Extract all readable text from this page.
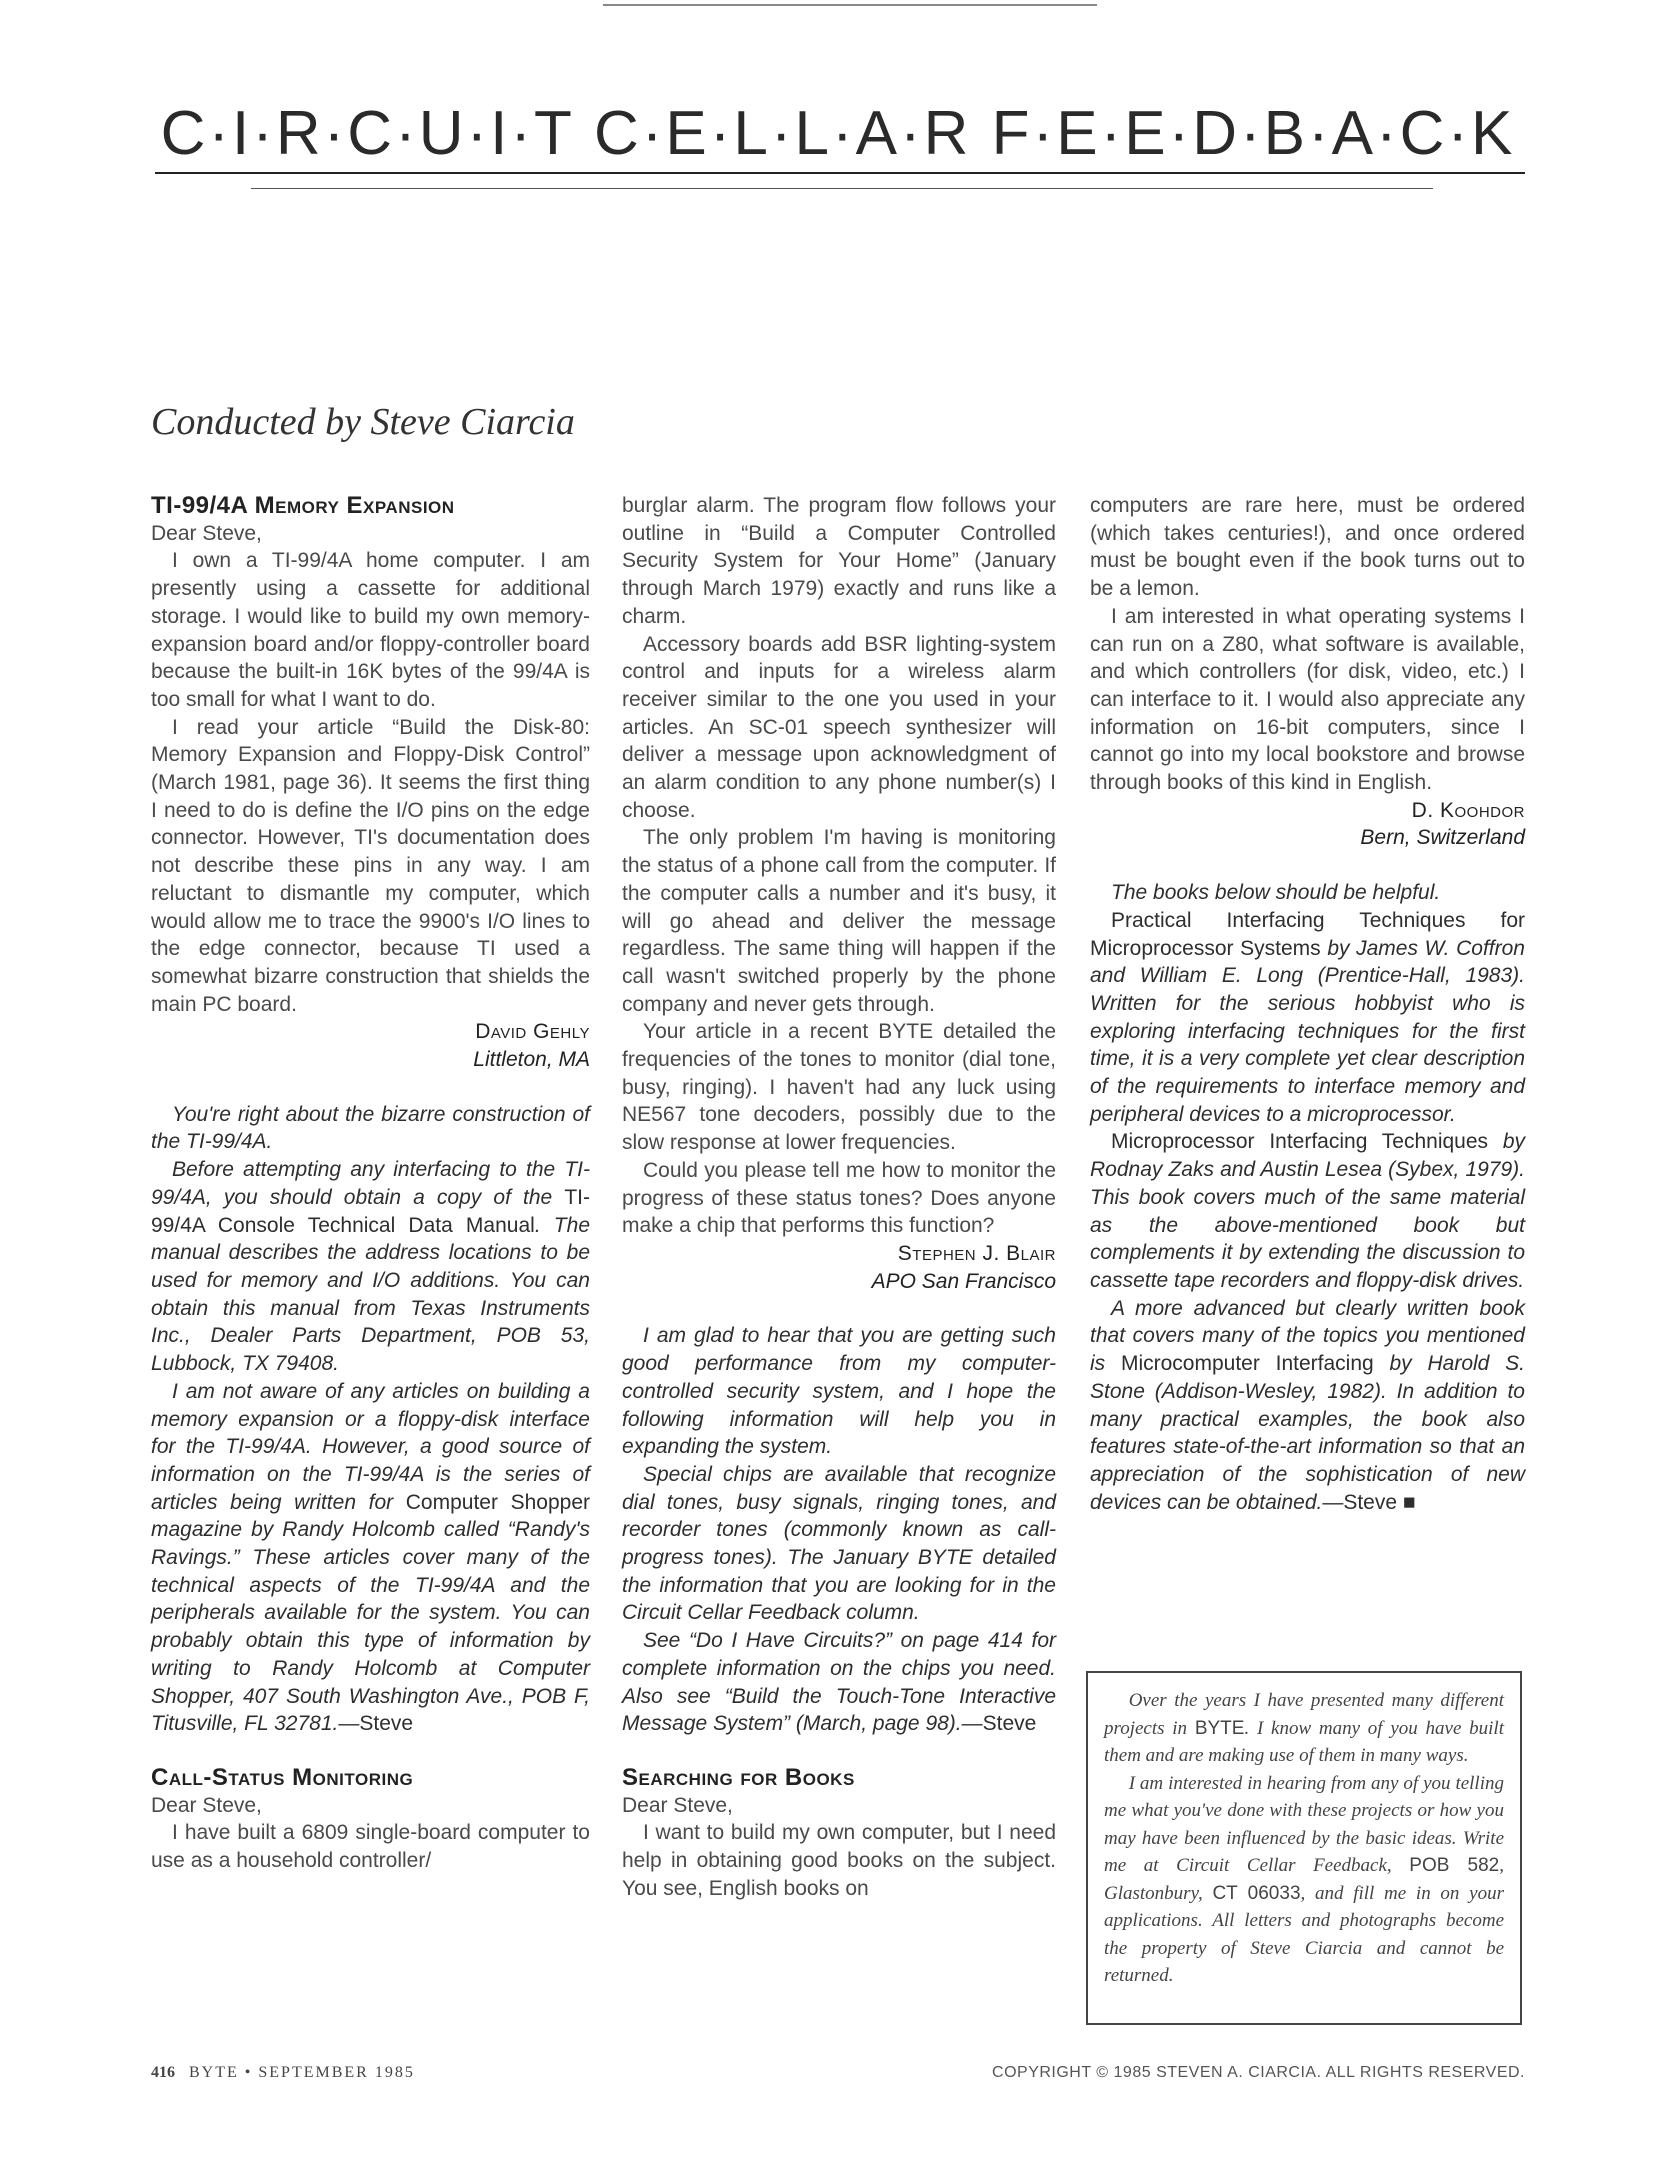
C·I·R·C·U·I·T C·E·L·L·A·R F·E·E·D·B·A·C·K
Conducted by Steve Ciarcia
TI-99/4A Memory Expansion
Dear Steve,
I own a TI-99/4A home computer. I am presently using a cassette for additional storage. I would like to build my own memory-expansion board and/or floppy-controller board because the built-in 16K bytes of the 99/4A is too small for what I want to do.
I read your article “Build the Disk-80: Memory Expansion and Floppy-Disk Control” (March 1981, page 36). It seems the first thing I need to do is define the I/O pins on the edge connector. However, TI's documentation does not describe these pins in any way. I am reluctant to dismantle my computer, which would allow me to trace the 9900's I/O lines to the edge connector, because TI used a somewhat bizarre construction that shields the main PC board.
David Gehly
Littleton, MA
You're right about the bizarre construction of the TI-99/4A.
Before attempting any interfacing to the TI-99/4A, you should obtain a copy of the TI-99/4A Console Technical Data Manual. The manual describes the address locations to be used for memory and I/O additions. You can obtain this manual from Texas Instruments Inc., Dealer Parts Department, POB 53, Lubbock, TX 79408.
I am not aware of any articles on building a memory expansion or a floppy-disk interface for the TI-99/4A. However, a good source of information on the TI-99/4A is the series of articles being written for Computer Shopper magazine by Randy Holcomb called “Randy's Ravings.” These articles cover many of the technical aspects of the TI-99/4A and the peripherals available for the system. You can probably obtain this type of information by writing to Randy Holcomb at Computer Shopper, 407 South Washington Ave., POB F, Titusville, FL 32781.—Steve
Call-Status Monitoring
Dear Steve,
I have built a 6809 single-board computer to use as a household controller/
burglar alarm. The program flow follows your outline in “Build a Computer Controlled Security System for Your Home” (January through March 1979) exactly and runs like a charm.
Accessory boards add BSR lighting-system control and inputs for a wireless alarm receiver similar to the one you used in your articles. An SC-01 speech synthesizer will deliver a message upon acknowledgment of an alarm condition to any phone number(s) I choose.
The only problem I'm having is monitoring the status of a phone call from the computer. If the computer calls a number and it's busy, it will go ahead and deliver the message regardless. The same thing will happen if the call wasn't switched properly by the phone company and never gets through.
Your article in a recent BYTE detailed the frequencies of the tones to monitor (dial tone, busy, ringing). I haven't had any luck using NE567 tone decoders, possibly due to the slow response at lower frequencies.
Could you please tell me how to monitor the progress of these status tones? Does anyone make a chip that performs this function?
Stephen J. Blair
APO San Francisco
I am glad to hear that you are getting such good performance from my computer-controlled security system, and I hope the following information will help you in expanding the system.
Special chips are available that recognize dial tones, busy signals, ringing tones, and recorder tones (commonly known as call-progress tones). The January BYTE detailed the information that you are looking for in the Circuit Cellar Feedback column.
See “Do I Have Circuits?” on page 414 for complete information on the chips you need. Also see “Build the Touch-Tone Interactive Message System” (March, page 98).—Steve
Searching for Books
Dear Steve,
I want to build my own computer, but I need help in obtaining good books on the subject. You see, English books on
computers are rare here, must be ordered (which takes centuries!), and once ordered must be bought even if the book turns out to be a lemon.
I am interested in what operating systems I can run on a Z80, what software is available, and which controllers (for disk, video, etc.) I can interface to it. I would also appreciate any information on 16-bit computers, since I cannot go into my local bookstore and browse through books of this kind in English.
D. Koohdor
Bern, Switzerland
The books below should be helpful.
Practical Interfacing Techniques for Microprocessor Systems by James W. Coffron and William E. Long (Prentice-Hall, 1983). Written for the serious hobbyist who is exploring interfacing techniques for the first time, it is a very complete yet clear description of the requirements to interface memory and peripheral devices to a microprocessor.
Microprocessor Interfacing Techniques by Rodnay Zaks and Austin Lesea (Sybex, 1979). This book covers much of the same material as the above-mentioned book but complements it by extending the discussion to cassette tape recorders and floppy-disk drives.
A more advanced but clearly written book that covers many of the topics you mentioned is Microcomputer Interfacing by Harold S. Stone (Addison-Wesley, 1982). In addition to many practical examples, the book also features state-of-the-art information so that an appreciation of the sophistication of new devices can be obtained.—Steve ■

Over the years I have presented many different projects in BYTE. I know many of you have built them and are making use of them in many ways.

I am interested in hearing from any of you telling me what you've done with these projects or how you may have been influenced by the basic ideas. Write me at Circuit Cellar Feedback, POB 582, Glastonbury, CT 06033, and fill me in on your applications. All letters and photographs become the property of Steve Ciarcia and cannot be returned.

416 BYTE • SEPTEMBER 1985	COPYRIGHT © 1985 STEVEN A. CIARCIA. ALL RIGHTS RESERVED.
